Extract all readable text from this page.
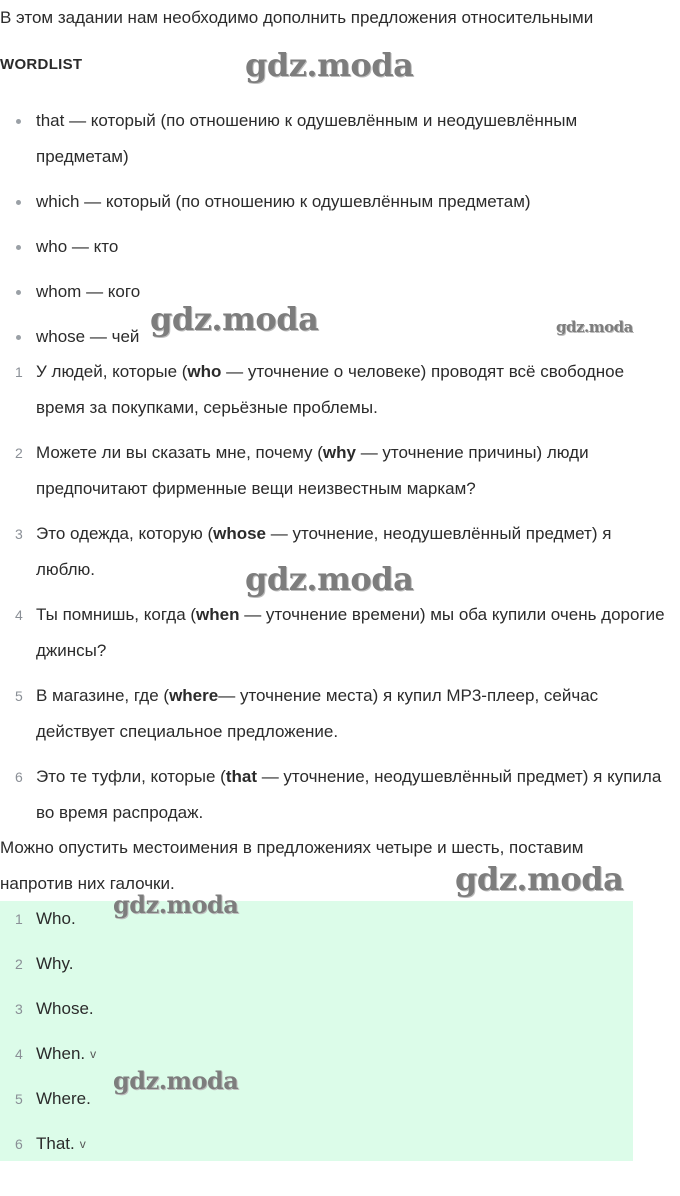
В этом задании нам необходимо дополнить предложения относительными

WORDLIST
that — который (по отношению к одушевлённым и неодушевлённым предметам)
which — который (по отношению к одушевлённым предметам)
who — кто
whom — кого
whose — чей
1 У людей, которые (who — уточнение о человеке) проводят всё свободное время за покупками, серьёзные проблемы.
2 Можете ли вы сказать мне, почему (why — уточнение причины) люди предпочитают фирменные вещи неизвестным маркам?
3 Это одежда, которую (whose — уточнение, неодушевлённый предмет) я люблю.
4 Ты помнишь, когда (when — уточнение времени) мы оба купили очень дорогие джинсы?
5 В магазине, где (where— уточнение места) я купил MP3-плеер, сейчас действует специальное предложение.
6 Это те туфли, которые (that — уточнение, неодушевлённый предмет) я купила во время распродаж.

Можно опустить местоимения в предложениях четыре и шесть, поставим напротив них галочки.

1 Who.
2 Why.
3 Whose.
4 When. v
5 Where.
6 That. v
gdz.moda
gdz.moda	gdz.moda
gdz.moda
gdz.moda
gdz.moda
gdz.moda
